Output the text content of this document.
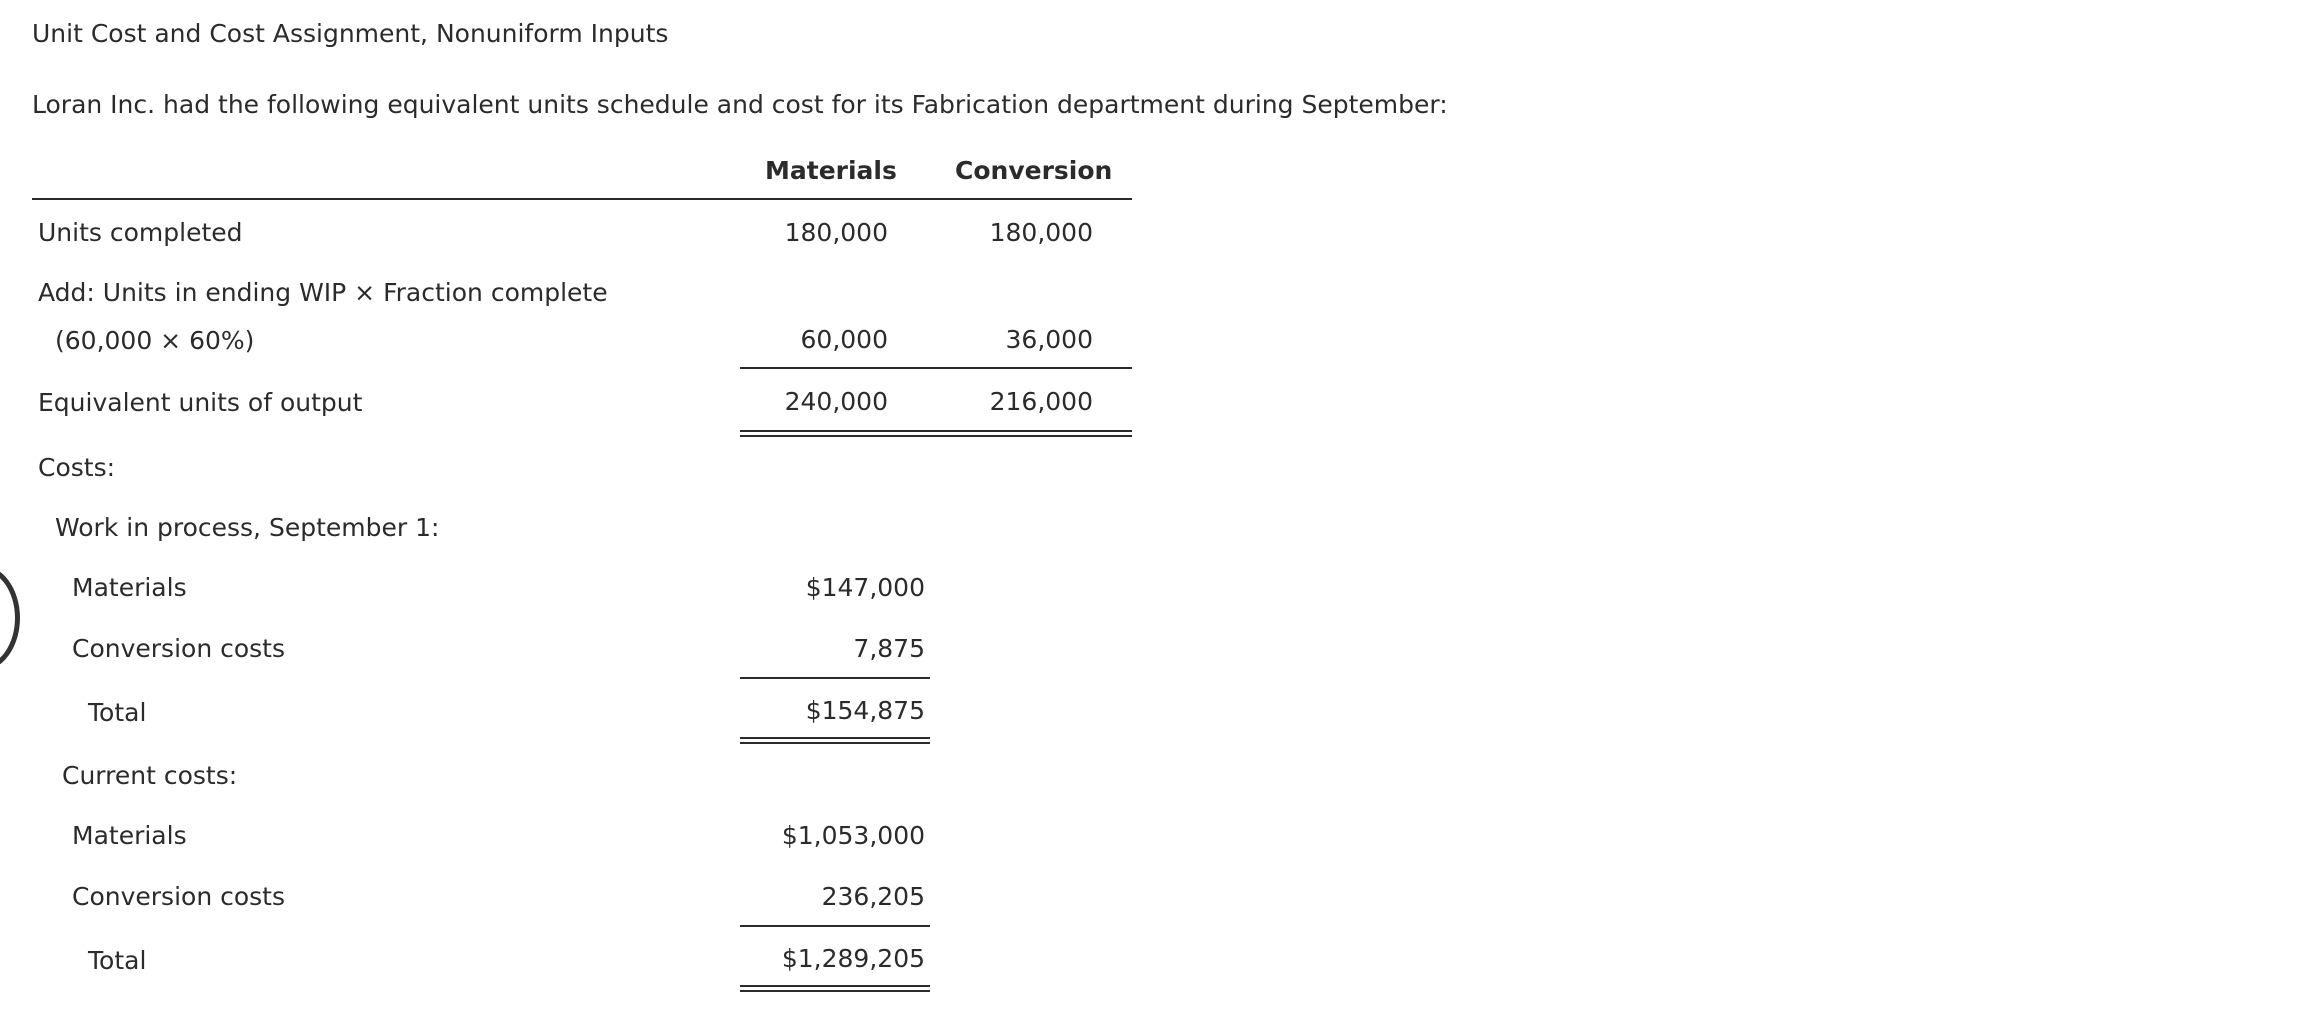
Unit Cost and Cost Assignment, Nonuniform Inputs
Loran Inc. had the following equivalent units schedule and cost for its Fabrication department during September:
Materials Conversion
Units completed	180,000	180,000
Add: Units in ending WIP × Fraction complete
(60,000 × 60%)	60,000	36,000
Equivalent units of output	240,000	216,000
Costs:
Work in process, September 1:
Materials	$147,000
Conversion costs	7,875
Total	$154,875
Current costs:
Materials	$1,053,000
Conversion costs	236,205
Total	$1,289,205
